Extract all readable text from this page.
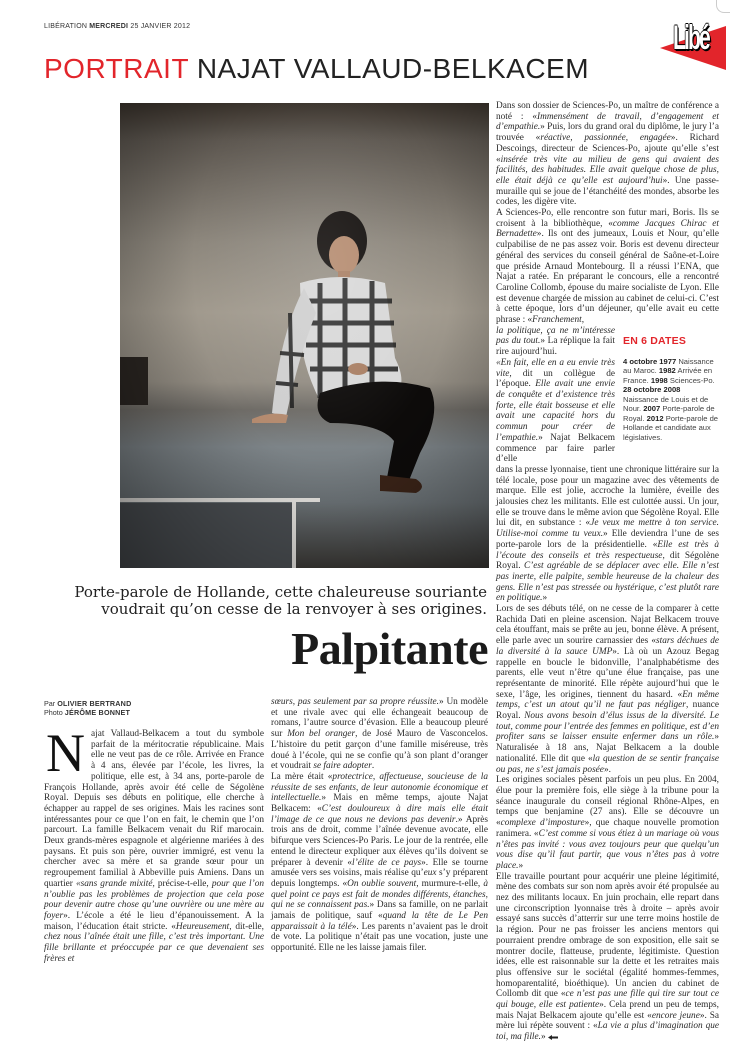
LIBÉRATION MERCREDI 25 JANVIER 2012
PORTRAIT NAJAT VALLAUD-BELKACEM
Libé
Porte-parole de Hollande, cette chaleureuse souriante
voudrait qu’on cesse de la renvoyer à ses origines.
Palpitante
Par OLIVIER BERTRAND
Photo JÉRÔME BONNET

Najat Vallaud-Belkacem a tout du symbole parfait de la méritocratie républicaine. Mais elle ne veut pas de ce rôle. Arrivée en France à 4 ans, élevée par l’école, les livres, la politique, elle est, à 34 ans, porte-parole de François Hollande, après avoir été celle de Ségolène Royal. Depuis ses débuts en politique, elle cherche à échapper au rappel de ses origines. Mais les racines sont intéressantes pour ce que l’on en fait, le chemin que l’on parcourt. La famille Belkacem venait du Rif marocain. Deux grands-mères espagnole et algérienne mariées à des paysans. Et puis son père, ouvrier immigré, est venu la chercher avec sa mère et sa grande sœur pour un regroupement familial à Abbeville puis Amiens. Dans un quartier «sans grande mixité, précise-t-elle, pour que l’on n’oublie pas les problèmes de projection que cela pose pour devenir autre chose qu’une ouvrière ou une mère au foyer». L’école a été le lieu d’épanouissement. A la maison, l’éducation était stricte. «Heureusement, dit-elle, chez nous l’aînée était une fille, c’est très important. Une fille brillante et préoccupée par ce que devenaient ses frères et

sœurs, pas seulement par sa propre réussite.» Un modèle et une rivale avec qui elle échangeait beaucoup de romans, l’autre source d’évasion. Elle a beaucoup pleuré sur Mon bel oranger, de José Mauro de Vasconcelos. L’histoire du petit garçon d’une famille miséreuse, très doué à l’école, qui ne se confie qu’à son plant d’oranger et voudrait se faire adopter.

La mère était «protectrice, affectueuse, soucieuse de la réussite de ses enfants, de leur autonomie économique et intellectuelle.» Mais en même temps, ajoute Najat Belkacem: «C’est douloureux à dire mais elle était l’image de ce que nous ne devions pas devenir.» Après trois ans de droit, comme l’aînée devenue avocate, elle bifurque vers Sciences-Po Paris. Le jour de la rentrée, elle entend le directeur expliquer aux élèves qu’ils doivent se préparer à devenir «l’élite de ce pays». Elle se tourne amusée vers ses voisins, mais réalise qu’eux s’y préparent depuis longtemps. «On oublie souvent, murmure-t-elle, à quel point ce pays est fait de mondes différents, étanches, qui ne se connaissent pas.» Dans sa famille, on ne parlait jamais de politique, sauf «quand la tête de Le Pen apparaissait à la télé». Les parents n’avaient pas le droit de vote. La politique n’était pas une vocation, juste une opportunité. Elle ne les laisse jamais filer.

Dans son dossier de Sciences-Po, un maître de conférence a noté : «Immensément de travail, d’engagement et d’empathie.» Puis, lors du grand oral du diplôme, le jury l’a trouvée «réactive, passionnée, engagée». Richard Descoings, directeur de Sciences-Po, ajoute qu’elle s’est «insérée très vite au milieu de gens qui avaient des facilités, des habitudes. Elle avait quelque chose de plus, elle était déjà ce qu’elle est aujourd’hui». Une passe-muraille qui se joue de l’étanchéité des mondes, absorbe les codes, les digère vite.

A Sciences-Po, elle rencontre son futur mari, Boris. Ils se croisent à la bibliothèque, «comme Jacques Chirac et Bernadette». Ils ont des jumeaux, Louis et Nour, qu’elle culpabilise de ne pas assez voir. Boris est devenu directeur général des services du conseil général de Saône-et-Loire que préside Arnaud Montebourg. Il a réussi l’ENA, que Najat a ratée. En préparant le concours, elle a rencontré Caroline Collomb, épouse du maire socialiste de Lyon. Elle est devenue chargée de mission au cabinet de celui-ci. C’est à cette époque, lors d’un déjeuner, qu’elle avait eu cette phrase : «Franchement,

la politique, ça ne m’intéresse pas du tout.» La réplique la fait rire aujourd’hui.
«En fait, elle en a eu envie très vite, dit un collègue de l’époque. Elle avait une envie de conquête et d’existence très forte, elle était bosseuse et elle avait une capacité hors du commun pour créer de l’empathie.» Najat Belkacem commence par faire parler d’elle
EN 6 DATES
4 octobre 1977 Naissance au Maroc. 1982 Arrivée en France. 1998 Sciences-Po.
28 octobre 2008
Naissance de Louis et de Nour. 2007 Porte-parole de Royal. 2012 Porte-parole de Hollande et candidate aux législatives.

dans la presse lyonnaise, tient une chronique littéraire sur la télé locale, pose pour un magazine avec des vêtements de marque. Elle est jolie, accroche la lumière, éveille des jalousies chez les militants. Elle est culottée aussi. Un jour, elle se trouve dans le même avion que Ségolène Royal. Elle lui dit, en substance : «Je veux me mettre à ton service. Utilise-moi comme tu veux.» Elle deviendra l’une de ses porte-parole lors de la présidentielle. «Elle est très à l’écoute des conseils et très respectueuse, dit Ségolène Royal. C’est agréable de se déplacer avec elle. Elle n’est pas inerte, elle palpite, semble heureuse de la chaleur des gens. Elle n’est pas stressée ou hystérique, c’est plutôt rare en politique.»

Lors de ses débuts télé, on ne cesse de la comparer à cette Rachida Dati en pleine ascension. Najat Belkacem trouve cela étouffant, mais se prête au jeu, bonne élève. A présent, elle parle avec un sourire carnassier des «stars déchues de la diversité à la sauce UMP». Là où un Azouz Begag rappelle en boucle le bidonville, l’analphabétisme des parents, elle veut n’être qu’une élue française, pas une représentante de minorité. Elle répète aujourd’hui que le sexe, l’âge, les origines, tiennent du hasard. «En même temps, c’est un atout qu’il ne faut pas négliger, nuance Royal. Nous avons besoin d’élus issus de la diversité. Le tout, comme pour l’entrée des femmes en politique, est d’en profiter sans se laisser ensuite enfermer dans un rôle.» Naturalisée à 18 ans, Najat Belkacem a la double nationalité. Elle dit que «la question de se sentir française ou pas, ne s’est jamais posée».

Les origines sociales pèsent parfois un peu plus. En 2004, élue pour la première fois, elle siège à la tribune pour la séance inaugurale du conseil régional Rhône-Alpes, en temps que benjamine (27 ans). Elle se découvre un «complexe d’imposture», que chaque nouvelle promotion ranimera. «C’est comme si vous étiez à un mariage où vous n’êtes pas invité : vous avez toujours peur que quelqu’un vous dise qu’il faut partir, que vous n’êtes pas à votre place.»

Elle travaille pourtant pour acquérir une pleine légitimité, mène des combats sur son nom après avoir été propulsée au nez des militants locaux. En juin prochain, elle repart dans une circonscription lyonnaise très à droite – après avoir essayé sans succès d’atterrir sur une terre moins hostile de la région. Pour ne pas froisser les anciens mentors qui pourraient prendre ombrage de son exposition, elle sait se montrer docile, flatteuse, prudente, légitimiste. Question idées, elle est raisonnable sur la dette et les retraites mais plus offensive sur le sociétal (égalité hommes-femmes, homoparentalité, bioéthique). Un ancien du cabinet de Collomb dit que «ce n’est pas une fille qui tire sur tout ce qui bouge, elle est patiente». Cela prend un peu de temps, mais Najat Belkacem ajoute qu’elle est «encore jeune». Sa mère lui répète souvent : «La vie a plus d’imagination que toi, ma fille.»
